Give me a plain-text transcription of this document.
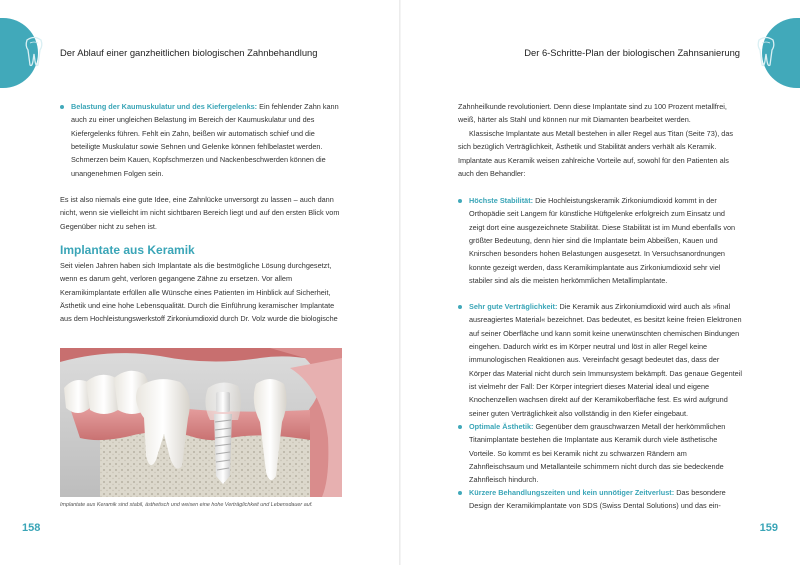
Der Ablauf einer ganzheitlichen biologischen Zahnbehandlung
Belastung der Kaumuskulatur und des Kiefergelenks: Ein fehlender Zahn kann auch zu einer ungleichen Belastung im Bereich der Kaumuskulatur und des Kiefergelenks führen. Fehlt ein Zahn, beißen wir automatisch schief und die beteiligte Muskulatur sowie Sehnen und Gelenke können fehlbelastet werden. Schmerzen beim Kauen, Kopfschmerzen und Nackenbeschwerden können die unangenehmen Folgen sein.
Es ist also niemals eine gute Idee, eine Zahnlücke unversorgt zu lassen – auch dann nicht, wenn sie vielleicht im nicht sichtbaren Bereich liegt und auf den ersten Blick vom Gegenüber nicht zu sehen ist.
Implantate aus Keramik
Seit vielen Jahren haben sich Implantate als die bestmögliche Lösung durchgesetzt, wenn es darum geht, verloren gegangene Zähne zu ersetzen. Vor allem Keramikimplantate erfüllen alle Wünsche eines Patienten im Hinblick auf Sicherheit, Ästhetik und eine hohe Lebensqualität. Durch die Einführung keramischer Implantate aus dem Hochleistungswerkstoff Zirkoniumdioxid durch Dr. Volz wurde die biologische
Implantate aus Keramik sind stabil, ästhetisch und weisen eine hohe Verträglichkeit und Lebensdauer auf.
158
Der 6-Schritte-Plan der biologischen Zahnsanierung
Zahnheilkunde revolutioniert. Denn diese Implantate sind zu 100 Prozent metallfrei, weiß, härter als Stahl und können nur mit Diamanten bearbeitet werden.
Klassische Implantate aus Metall bestehen in aller Regel aus Titan (Seite 73), das sich bezüglich Verträglichkeit, Ästhetik und Stabilität anders verhält als Keramik. Implantate aus Keramik weisen zahlreiche Vorteile auf, sowohl für den Patienten als auch den Behandler:
Höchste Stabilität: Die Hochleistungskeramik Zirkoniumdioxid kommt in der Orthopädie seit Langem für künstliche Hüftgelenke erfolgreich zum Einsatz und zeigt dort eine ausgezeichnete Stabilität. Diese Stabilität ist im Mund ebenfalls von größter Bedeutung, denn hier sind die Implantate beim Abbeißen, Kauen und Knirschen besonders hohen Belastungen ausgesetzt. In Versuchsanordnungen konnte gezeigt werden, dass Keramikimplantate aus Zirkoniumdioxid sehr viel stabiler sind als die meisten herkömmlichen Metallimplantate.
Sehr gute Verträglichkeit: Die Keramik aus Zirkoniumdioxid wird auch als »final ausreagiertes Material« bezeichnet. Das bedeutet, es besitzt keine freien Elektronen auf seiner Oberfläche und kann somit keine unerwünschten chemischen Bindungen eingehen. Dadurch wirkt es im Körper neutral und löst in aller Regel keine immunologischen Reaktionen aus. Vereinfacht gesagt bedeutet das, dass der Körper das Material nicht durch sein Immunsystem bekämpft. Das genaue Gegenteil ist vielmehr der Fall: Der Körper integriert dieses Material ideal und eigene Knochenzellen wachsen direkt auf der Keramikoberfläche fest. Es wird aufgrund seiner guten Verträglichkeit also vollständig in den Kiefer eingebaut.
Optimale Ästhetik: Gegenüber dem grauschwarzen Metall der herkömmlichen Titanimplantate bestehen die Implantate aus Keramik durch viele ästhetische Vorteile. So kommt es bei Keramik nicht zu schwarzen Rändern am Zahnfleischsaum und Metallanteile schimmern nicht durch das sie bedeckende Zahnfleisch hindurch.
Kürzere Behandlungszeiten und kein unnötiger Zeitverlust: Das besondere Design der Keramikimplantate von SDS (Swiss Dental Solutions) und das ein-
159
